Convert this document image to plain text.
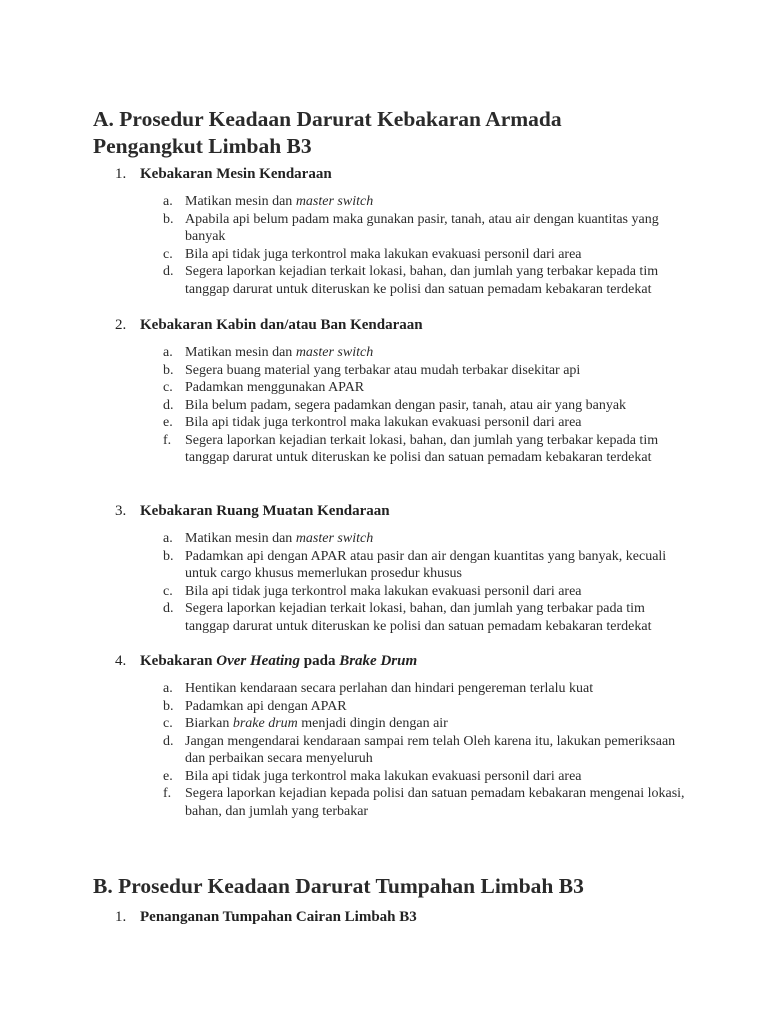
A. Prosedur Keadaan Darurat Kebakaran Armada Pengangkut Limbah B3
1. Kebakaran Mesin Kendaraan
a. Matikan mesin dan master switch
b. Apabila api belum padam maka gunakan pasir, tanah, atau air dengan kuantitas yang banyak
c. Bila api tidak juga terkontrol maka lakukan evakuasi personil dari area
d. Segera laporkan kejadian terkait lokasi, bahan, dan jumlah yang terbakar kepada tim tanggap darurat untuk diteruskan ke polisi dan satuan pemadam kebakaran terdekat
2. Kebakaran Kabin dan/atau Ban Kendaraan
a. Matikan mesin dan master switch
b. Segera buang material yang terbakar atau mudah terbakar disekitar api
c. Padamkan menggunakan APAR
d. Bila belum padam, segera padamkan dengan pasir, tanah, atau air yang banyak
e. Bila api tidak juga terkontrol maka lakukan evakuasi personil dari area
f. Segera laporkan kejadian terkait lokasi, bahan, dan jumlah yang terbakar kepada tim tanggap darurat untuk diteruskan ke polisi dan satuan pemadam kebakaran terdekat
3. Kebakaran Ruang Muatan Kendaraan
a. Matikan mesin dan master switch
b. Padamkan api dengan APAR atau pasir dan air dengan kuantitas yang banyak, kecuali untuk cargo khusus memerlukan prosedur khusus
c. Bila api tidak juga terkontrol maka lakukan evakuasi personil dari area
d. Segera laporkan kejadian terkait lokasi, bahan, dan jumlah yang terbakar pada tim tanggap darurat untuk diteruskan ke polisi dan satuan pemadam kebakaran terdekat
4. Kebakaran Over Heating pada Brake Drum
a. Hentikan kendaraan secara perlahan dan hindari pengereman terlalu kuat
b. Padamkan api dengan APAR
c. Biarkan brake drum menjadi dingin dengan air
d. Jangan mengendarai kendaraan sampai rem telah Oleh karena itu, lakukan pemeriksaan dan perbaikan secara menyeluruh
e. Bila api tidak juga terkontrol maka lakukan evakuasi personil dari area
f. Segera laporkan kejadian kepada polisi dan satuan pemadam kebakaran mengenai lokasi, bahan, dan jumlah yang terbakar
B. Prosedur Keadaan Darurat Tumpahan Limbah B3
1. Penanganan Tumpahan Cairan Limbah B3
